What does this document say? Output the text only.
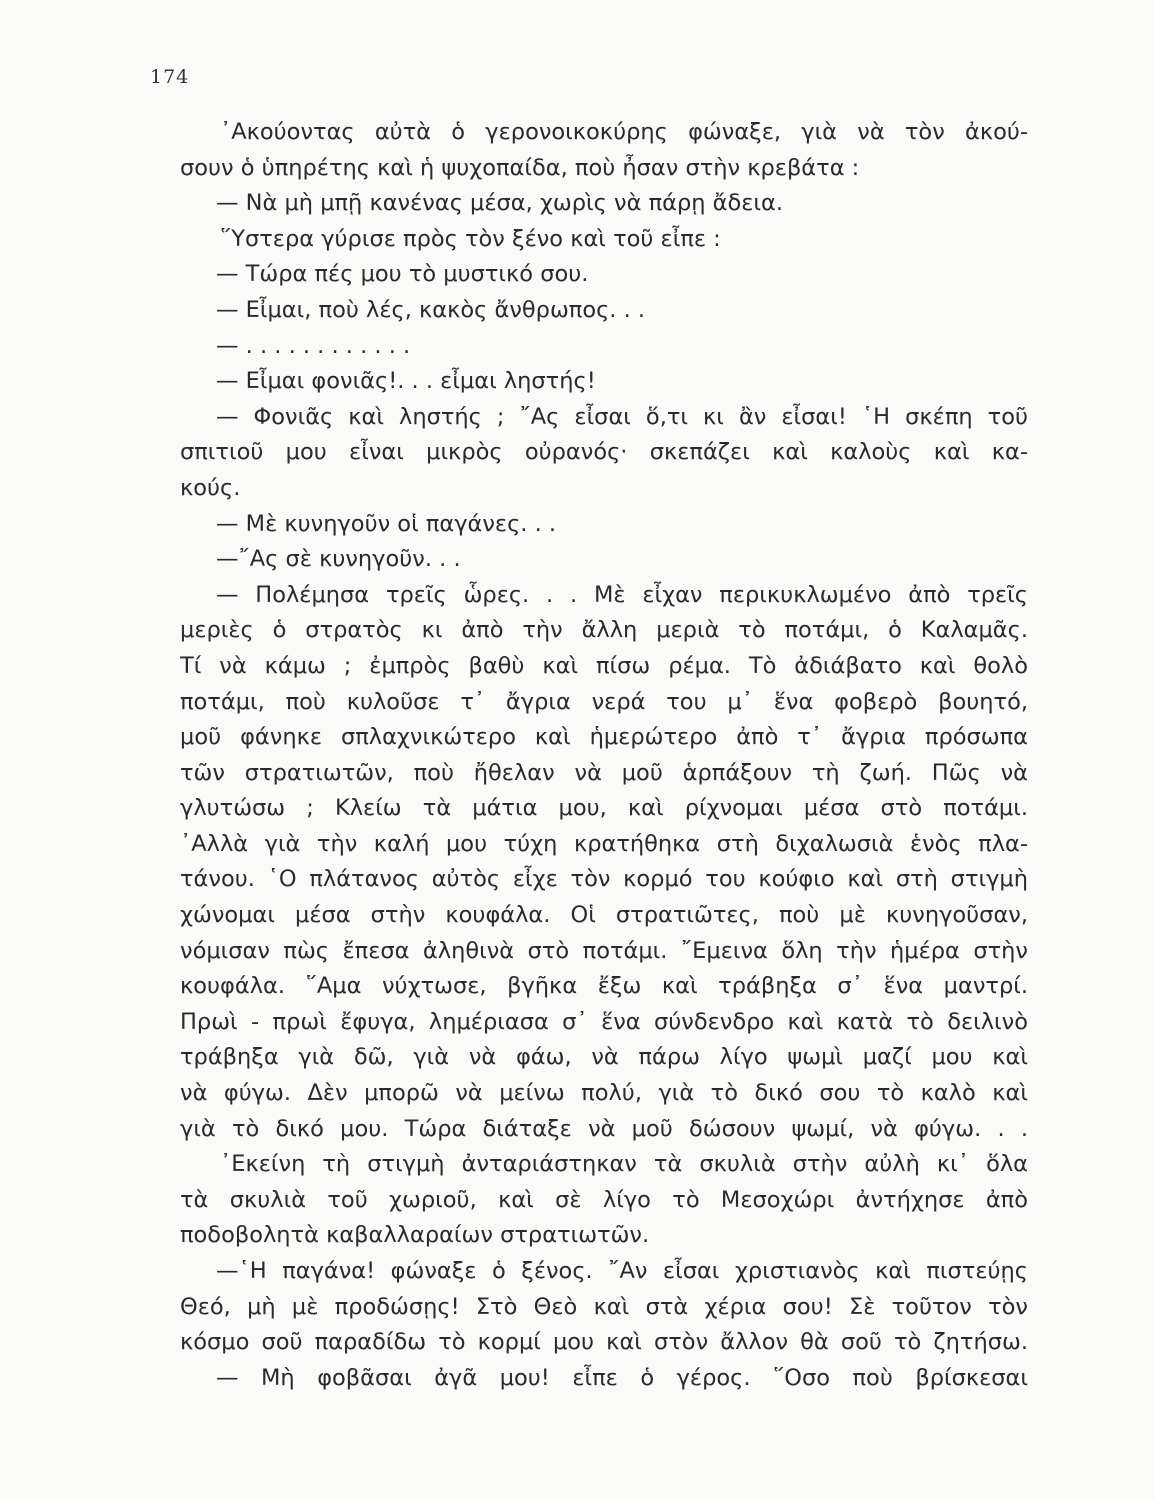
174
᾿Ακούοντας αὐτὰ ὁ γερονοικοκύρης φώναξε, γιὰ νὰ τὸν ἀκού-
σουν ὁ ὑπηρέτης καὶ ἡ ψυχοπαίδα, ποὺ ἦσαν στὴν κρεβάτα :
— Νὰ μὴ μπῇ κανένας μέσα, χωρὶς νὰ πάρῃ ἄδεια.
῞Υστερα γύρισε πρὸς τὸν ξένο καὶ τοῦ εἶπε :
— Τώρα πές μου τὸ μυστικό σου.
— Εἶμαι, ποὺ λές, κακὸς ἄνθρωπος. . .
— . . . . . . . . . . . .
— Εἶμαι φονιᾶς!. . . εἶμαι ληστής!
— Φονιᾶς καὶ ληστής ; ῎Ας εἶσαι ὅ,τι κι ἂν εἶσαι! ῾Η σκέπη τοῦ
σπιτιοῦ μου εἶναι μικρὸς οὐρανός· σκεπάζει καὶ καλοὺς καὶ κα-
κούς.
— Μὲ κυνηγοῦν οἱ παγάνες. . .
—῎Ας σὲ κυνηγοῦν. . .
— Πολέμησα τρεῖς ὧρες. . . Μὲ εἶχαν περικυκλωμένο ἀπὸ τρεῖς
μεριὲς ὁ στρατὸς κι ἀπὸ τὴν ἄλλη μεριὰ τὸ ποτάμι, ὁ Καλαμᾶς.
Τί νὰ κάμω ; ἐμπρὸς βαθὺ καὶ πίσω ρέμα. Τὸ ἀδιάβατο καὶ θολὸ
ποτάμι, ποὺ κυλοῦσε τ᾿ ἄγρια νερά του μ᾿ ἕνα φοβερὸ βουητό,
μοῦ φάνηκε σπλαχνικώτερο καὶ ἡμερώτερο ἀπὸ τ᾿ ἄγρια πρόσωπα
τῶν στρατιωτῶν, ποὺ ἤθελαν νὰ μοῦ ἁρπάξουν τὴ ζωή. Πῶς νὰ
γλυτώσω ; Κλείω τὰ μάτια μου, καὶ ρίχνομαι μέσα στὸ ποτάμι.
᾿Αλλὰ γιὰ τὴν καλή μου τύχη κρατήθηκα στὴ διχαλωσιὰ ἑνὸς πλα-
τάνου. ῾Ο πλάτανος αὐτὸς εἶχε τὸν κορμό του κούφιο καὶ στὴ στιγμὴ
χώνομαι μέσα στὴν κουφάλα. Οἱ στρατιῶτες, ποὺ μὲ κυνηγοῦσαν,
νόμισαν πὼς ἔπεσα ἀληθινὰ στὸ ποτάμι. ῎Εμεινα ὅλη τὴν ἡμέρα στὴν
κουφάλα. ῞Αμα νύχτωσε, βγῆκα ἔξω καὶ τράβηξα σ᾿ ἕνα μαντρί.
Πρωὶ - πρωὶ ἔφυγα, λημέριασα σ᾿ ἕνα σύνδενδρο καὶ κατὰ τὸ δειλινὸ
τράβηξα γιὰ δῶ, γιὰ νὰ φάω, νὰ πάρω λίγο ψωμὶ μαζί μου καὶ
νὰ φύγω. Δὲν μπορῶ νὰ μείνω πολύ, γιὰ τὸ δικό σου τὸ καλὸ καὶ
γιὰ τὸ δικό μου. Τώρα διάταξε νὰ μοῦ δώσουν ψωμί, νὰ φύγω. . .
᾿Εκείνη τὴ στιγμὴ ἀνταριάστηκαν τὰ σκυλιὰ στὴν αὐλὴ κι᾿ ὅλα
τὰ σκυλιὰ τοῦ χωριοῦ, καὶ σὲ λίγο τὸ Μεσοχώρι ἀντήχησε ἀπὸ
ποδοβολητὰ καβαλλαραίων στρατιωτῶν.
—῾Η παγάνα! φώναξε ὁ ξένος. ῎Αν εἶσαι χριστιανὸς καὶ πιστεύῃς
Θεό, μὴ μὲ προδώσῃς! Στὸ Θεὸ καὶ στὰ χέρια σου! Σὲ τοῦτον τὸν
κόσμο σοῦ παραδίδω τὸ κορμί μου καὶ στὸν ἄλλον θὰ σοῦ τὸ ζητήσω.
— Μὴ φοβᾶσαι ἀγᾶ μου! εἶπε ὁ γέρος. ῞Οσο ποὺ βρίσκεσαι
